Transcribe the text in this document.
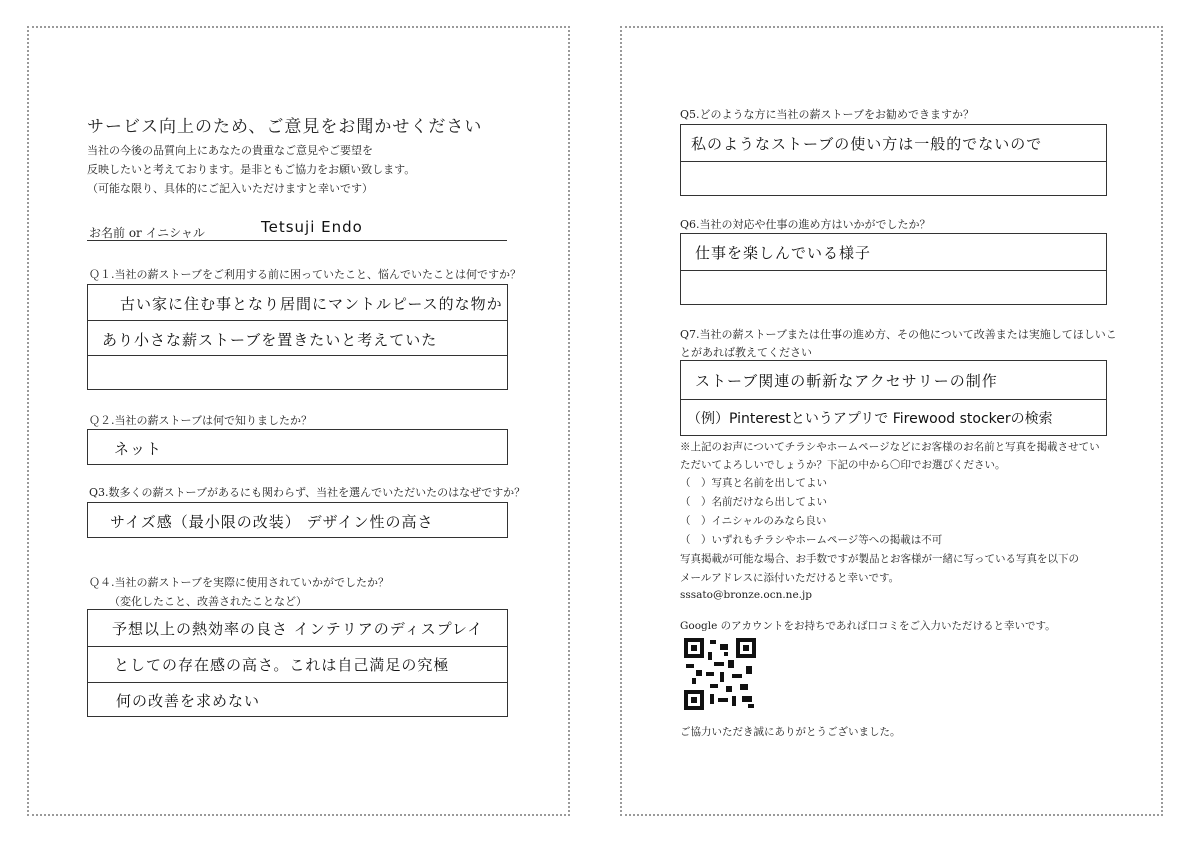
サービス向上のため、ご意見をお聞かせください
当社の今後の品質向上にあなたの貴重なご意見やご要望を
反映したいと考えております。是非ともご協力をお願い致します。
（可能な限り、具体的にご記入いただけますと幸いです）
お名前 or イニシャル	Tetsuji Endo
Ｑ１.当社の薪ストーブをご利用する前に困っていたこと、悩んでいたことは何ですか？
古い家に住む事となり居間にマントルピース的な物か
あり小さな薪ストーブを置きたいと考えていた
Ｑ２.当社の薪ストーブは何で知りましたか？
ネット
Q3.数多くの薪ストーブがあるにも関わらず、当社を選んでいただいたのはなぜですか？
サイズ感（最小限の改装） デザイン性の高さ
Ｑ４.当社の薪ストーブを実際に使用されていかがでしたか？
（変化したこと、改善されたことなど）
予想以上の熱効率の良さ インテリアのディスプレイ
としての存在感の高さ。これは自己満足の究極
何の改善を求めない
Q5.どのような方に当社の薪ストーブをお勧めできますか？
私のようなストーブの使い方は一般的でないので
Q6.当社の対応や仕事の進め方はいかがでしたか？
仕事を楽しんでいる様子
Q7.当社の薪ストーブまたは仕事の進め方、その他について改善または実施してほしいこ
とがあれば教えてください
ストーブ関連の斬新なアクセサリーの制作
（例）Pinterestというアプリで Firewood stockerの検索
※上記のお声についてチラシやホームページなどにお客様のお名前と写真を掲載させてい
ただいてよろしいでしょうか？下記の中から〇印でお選びください。
（　）写真と名前を出してよい
（　）名前だけなら出してよい
（　）イニシャルのみなら良い
（　）いずれもチラシやホームページ等への掲載は不可
写真掲載が可能な場合、お手数ですが製品とお客様が一緒に写っている写真を以下の
メールアドレスに添付いただけると幸いです。
sssato@bronze.ocn.ne.jp
Google のアカウントをお持ちであれば口コミをご入力いただけると幸いです。
ご協力いただき誠にありがとうございました。
